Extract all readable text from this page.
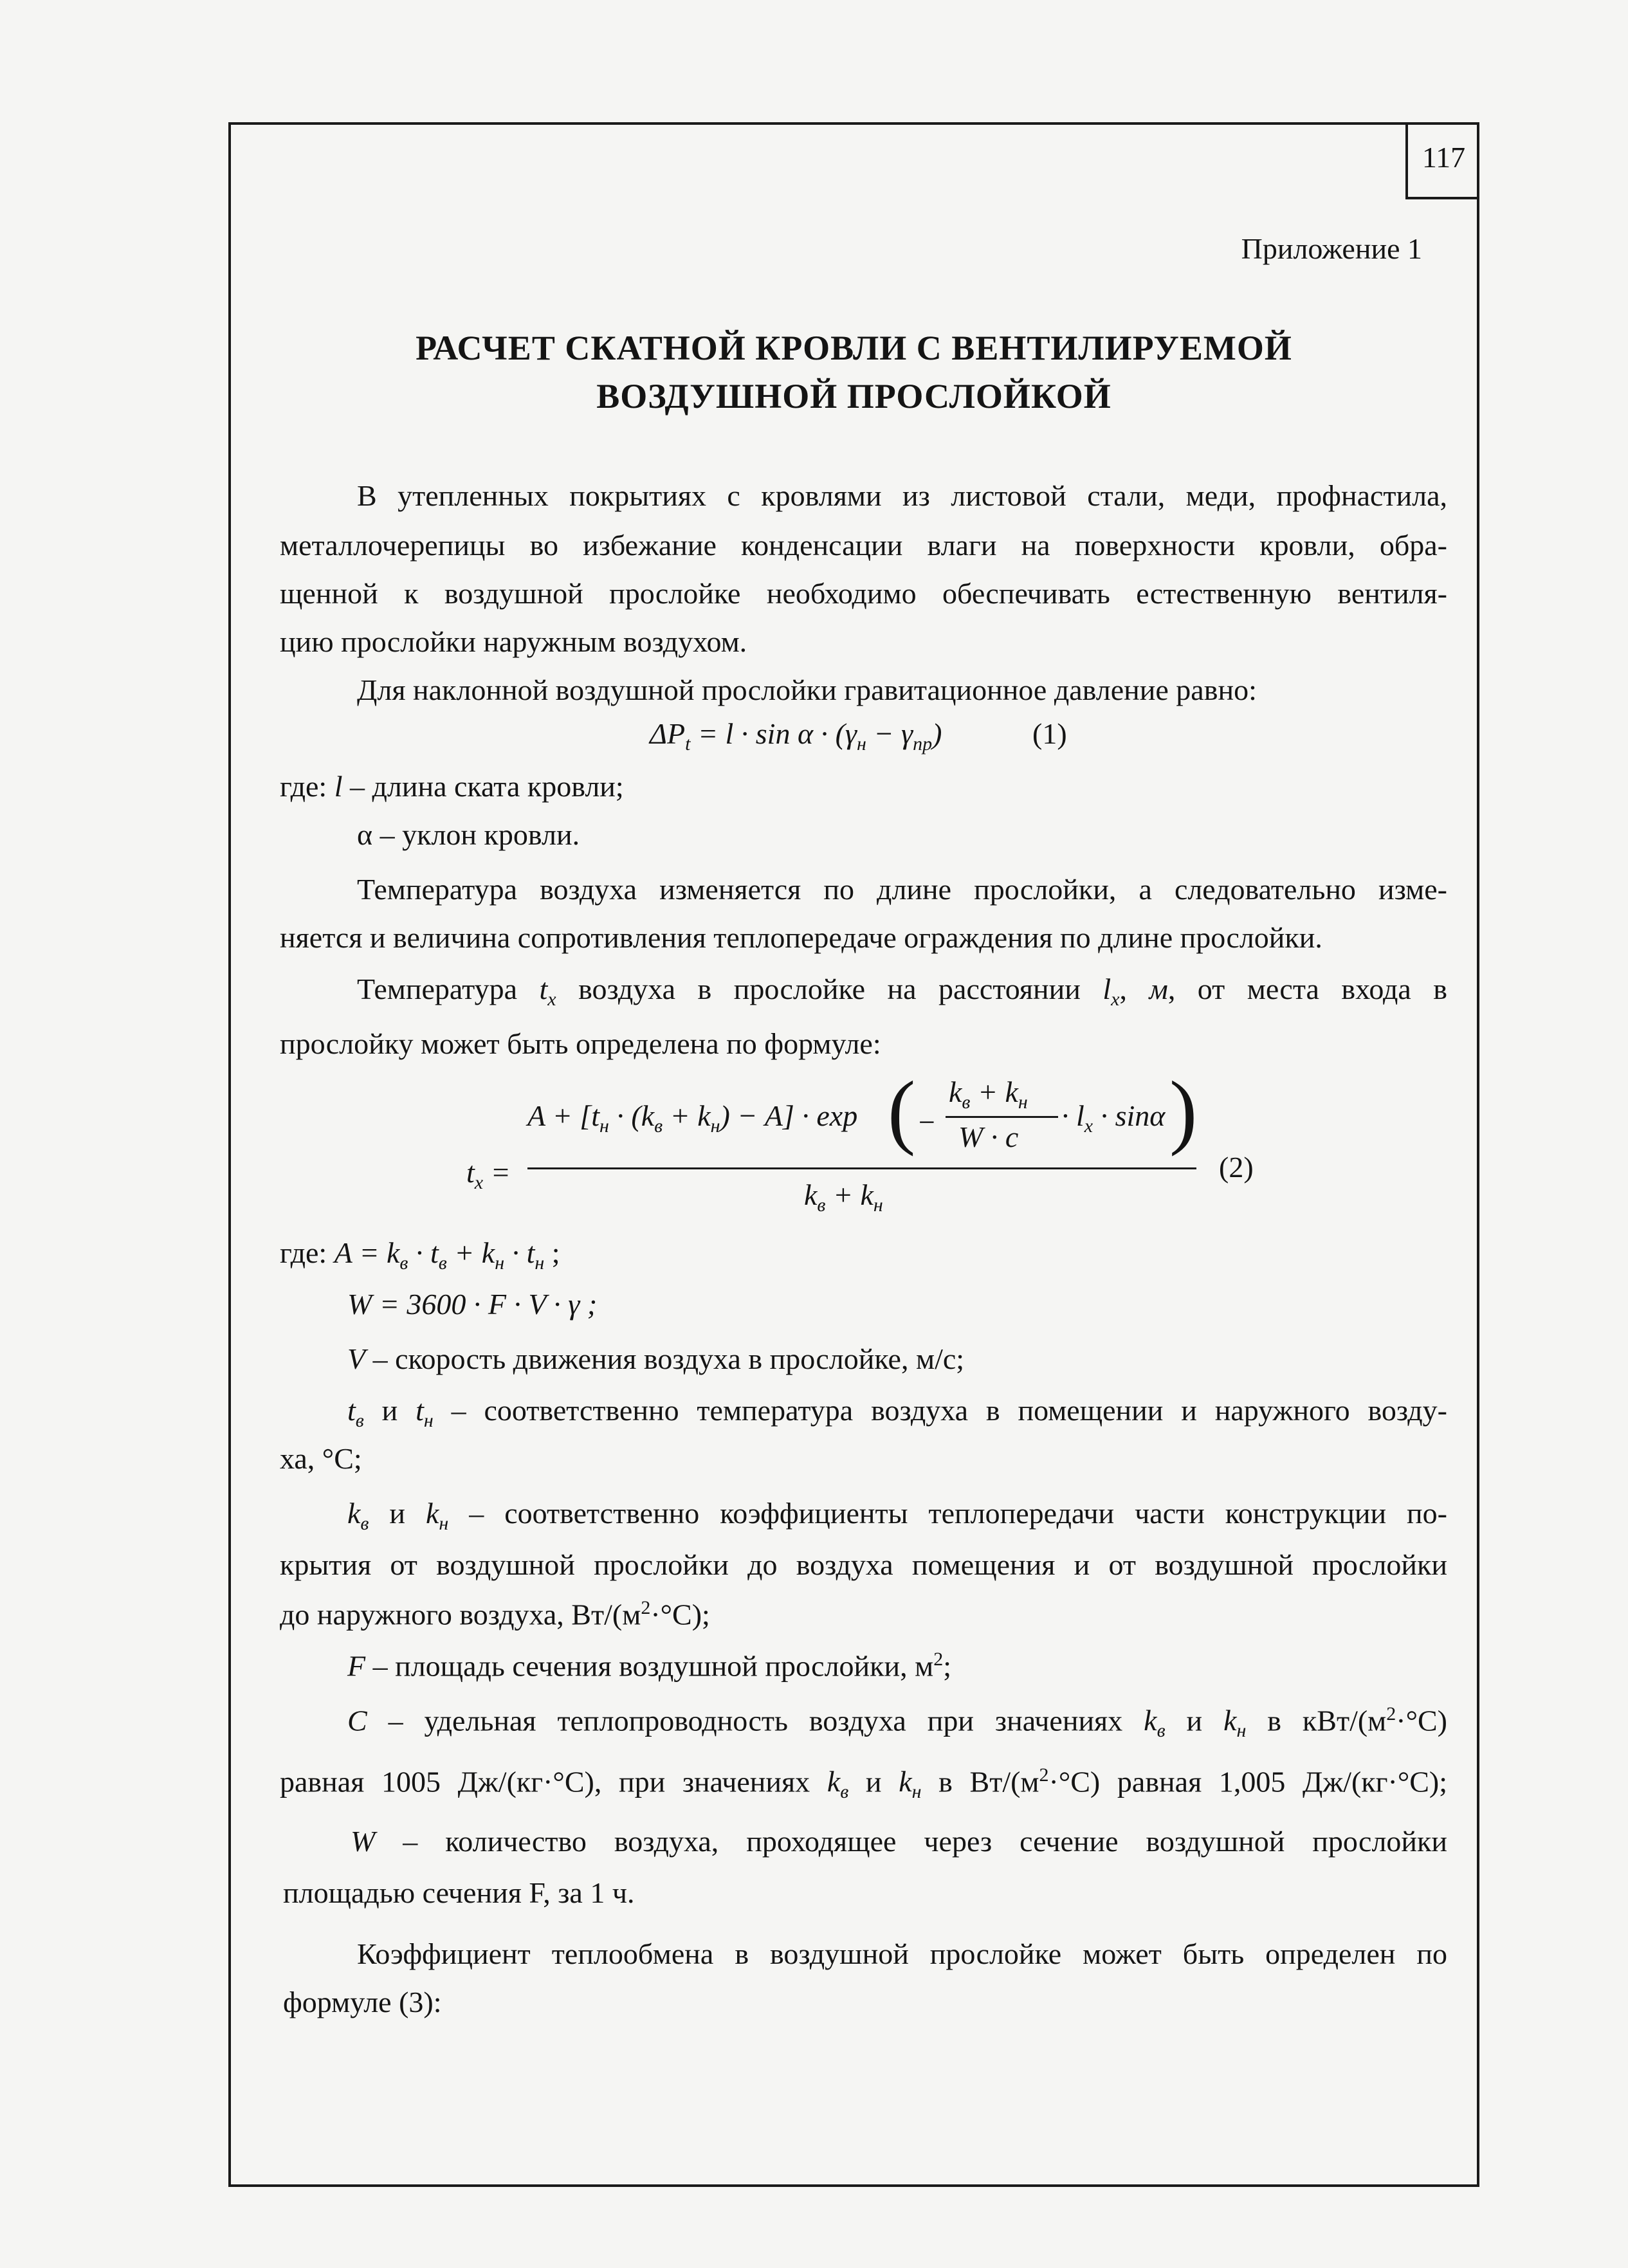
117
Приложение 1
РАСЧЕТ СКАТНОЙ КРОВЛИ С ВЕНТИЛИРУЕМОЙ
ВОЗДУШНОЙ ПРОСЛОЙКОЙ
В утепленных покрытиях с кровлями из листовой стали, меди, профнастила,
металлочерепицы во избежание конденсации влаги на поверхности кровли, обра-
щенной к воздушной прослойке необходимо обеспечивать естественную вентиля-
цию прослойки наружным воздухом.
Для наклонной воздушной прослойки гравитационное давление равно:
$\Delta P_t = l \cdot \sin \alpha \cdot (\gamma_н - \gamma_{пр})$	(1)
где: l – длина ската кровли;
α – уклон кровли.
Температура воздуха изменяется по длине прослойки, а следовательно изме-
няется и величина сопротивления теплопередаче ограждения по длине прослойки.
Температура $t_x$ воздуха в прослойке на расстоянии $l_x$, м, от места входа в
прослойку может быть определена по формуле:
$t_x$ =
$A + [t_н \cdot (k_в + k_н) - A] \cdot \exp$ ( −
$k_в + k_н$
W · c
· $l_x \cdot \sin\alpha$ )
$k_в + k_н$
(2)
где: $A = k_в \cdot t_в + k_н \cdot t_н$ ;
W = 3600 · F · V · γ ;
V – скорость движения воздуха в прослойке, м/с;
$t_в$ и $t_н$ – соответственно температура воздуха в помещении и наружного возду-
ха, °С;
$k_в$ и $k_н$ – соответственно коэффициенты теплопередачи части конструкции по-
крытия от воздушной прослойки до воздуха помещения и от воздушной прослойки
до наружного воздуха, $Вт/(м^2\cdot^\circ С)$;
F – площадь сечения воздушной прослойки, $м^2$;
C – удельная теплопроводность воздуха при значениях $k_в$ и $k_н$ в кВт/$(м^2\cdot^\circ С)$
равная 1005 Дж/(кг·°С), при значениях $k_в$ и $k_н$ в $Вт/(м^2\cdot^\circ С)$ равная 1,005 Дж/(кг·°С);
W – количество воздуха, проходящее через сечение воздушной прослойки
площадью сечения F, за 1 ч.
Коэффициент теплообмена в воздушной прослойке может быть определен по
формуле (3):
